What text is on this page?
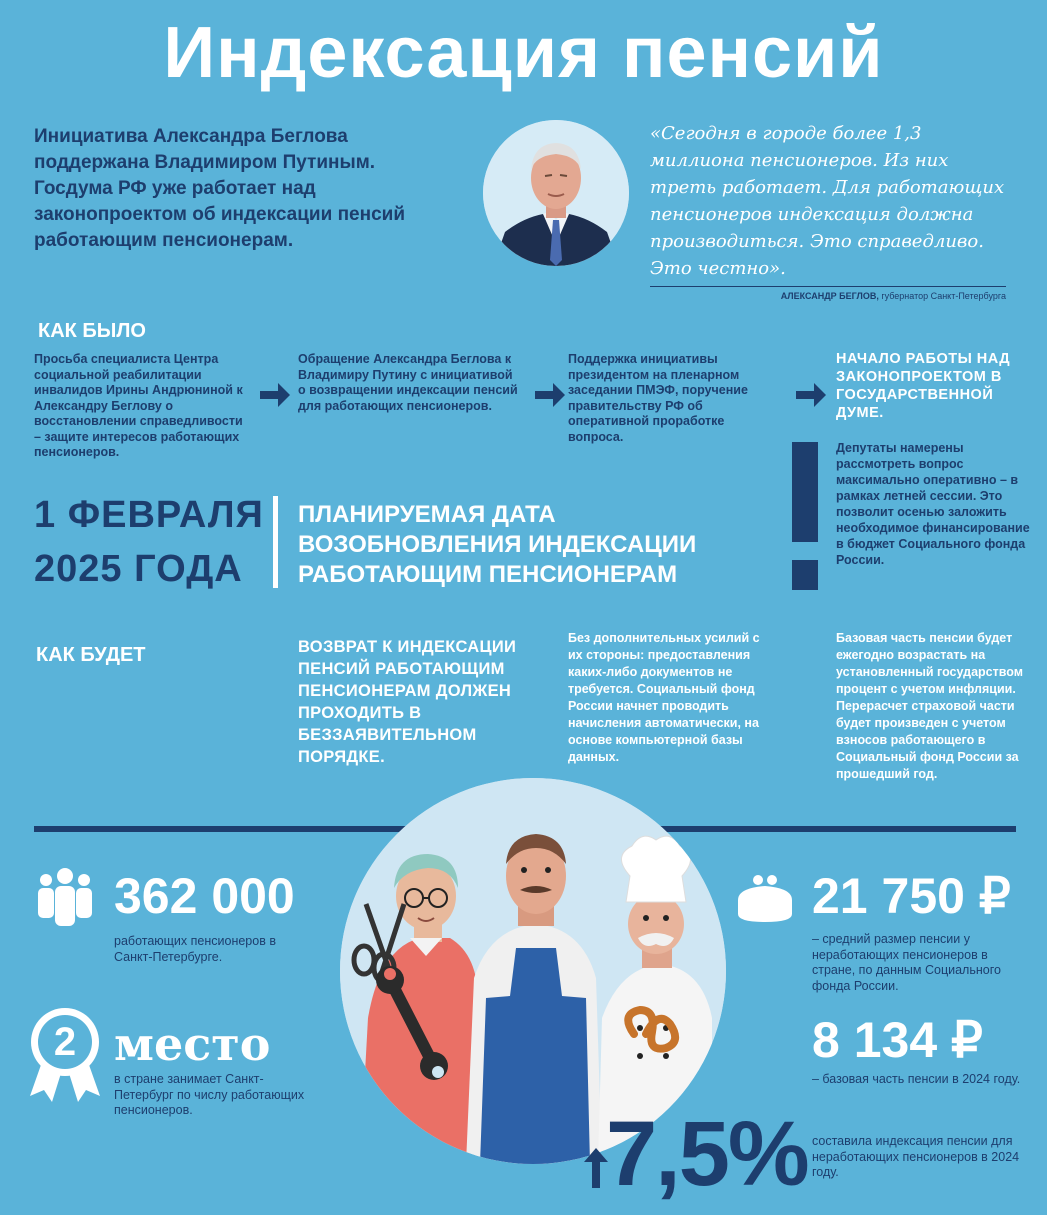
Индексация пенсий
Инициатива Александра Беглова поддержана Владимиром Путиным. Госдума РФ уже работает над законопроектом об индексации пенсий работающим пенсионерам.
«Сегодня в городе более 1,3 миллиона пенсионеров. Из них треть работает. Для работающих пенсионеров индексация должна производиться. Это справедливо. Это честно».
АЛЕКСАНДР БЕГЛОВ, губернатор Санкт-Петербурга
КАК БЫЛО
Просьба специалиста Центра социальной реабилитации инвалидов Ирины Андрюниной к Александру Беглову о восстановлении справедливости – защите интересов работающих пенсионеров.
Обращение Александра Беглова к Владимиру Путину с инициативой о возвращении индексации пенсий для работающих пенсионеров.
Поддержка инициативы президентом на пленарном заседании ПМЭФ, поручение правительству РФ об оперативной проработке вопроса.
НАЧАЛО РАБОТЫ НАД ЗАКОНОПРОЕКТОМ В ГОСУДАРСТВЕННОЙ ДУМЕ.
1 ФЕВРАЛЯ
2025 ГОДА
ПЛАНИРУЕМАЯ ДАТА ВОЗОБНОВЛЕНИЯ ИНДЕКСАЦИИ РАБОТАЮЩИМ ПЕНСИОНЕРАМ
Депутаты намерены рассмотреть вопрос максимально оперативно – в рамках летней сессии. Это позволит осенью заложить необходимое финансирование в бюджет Социального фонда России.
КАК БУДЕТ	ВОЗВРАТ К ИНДЕКСАЦИИ ПЕНСИЙ РАБОТАЮЩИМ ПЕНСИОНЕРАМ ДОЛЖЕН ПРОХОДИТЬ В БЕЗЗАЯВИТЕЛЬНОМ ПОРЯДКЕ.
Без дополнительных усилий с их стороны: предоставления каких-либо документов не требуется. Социальный фонд России начнет проводить начисления автоматически, на основе компьютерной базы данных.
Базовая часть пенсии будет ежегодно возрастать на установленный государством процент с учетом инфляции. Перерасчет страховой части будет произведен с учетом взносов работающего в Социальный фонд России за прошедший год.
362 000
работающих пенсионеров в Санкт-Петербурге.
2 место
в стране занимает Санкт-Петербург по числу работающих пенсионеров.
21 750 ₽
– средний размер пенсии у неработающих пенсионеров в стране, по данным Социального фонда России.
8 134 ₽
– базовая часть пенсии в 2024 году.
7,5% составила индексация пенсии для неработающих пенсионеров в 2024 году.
